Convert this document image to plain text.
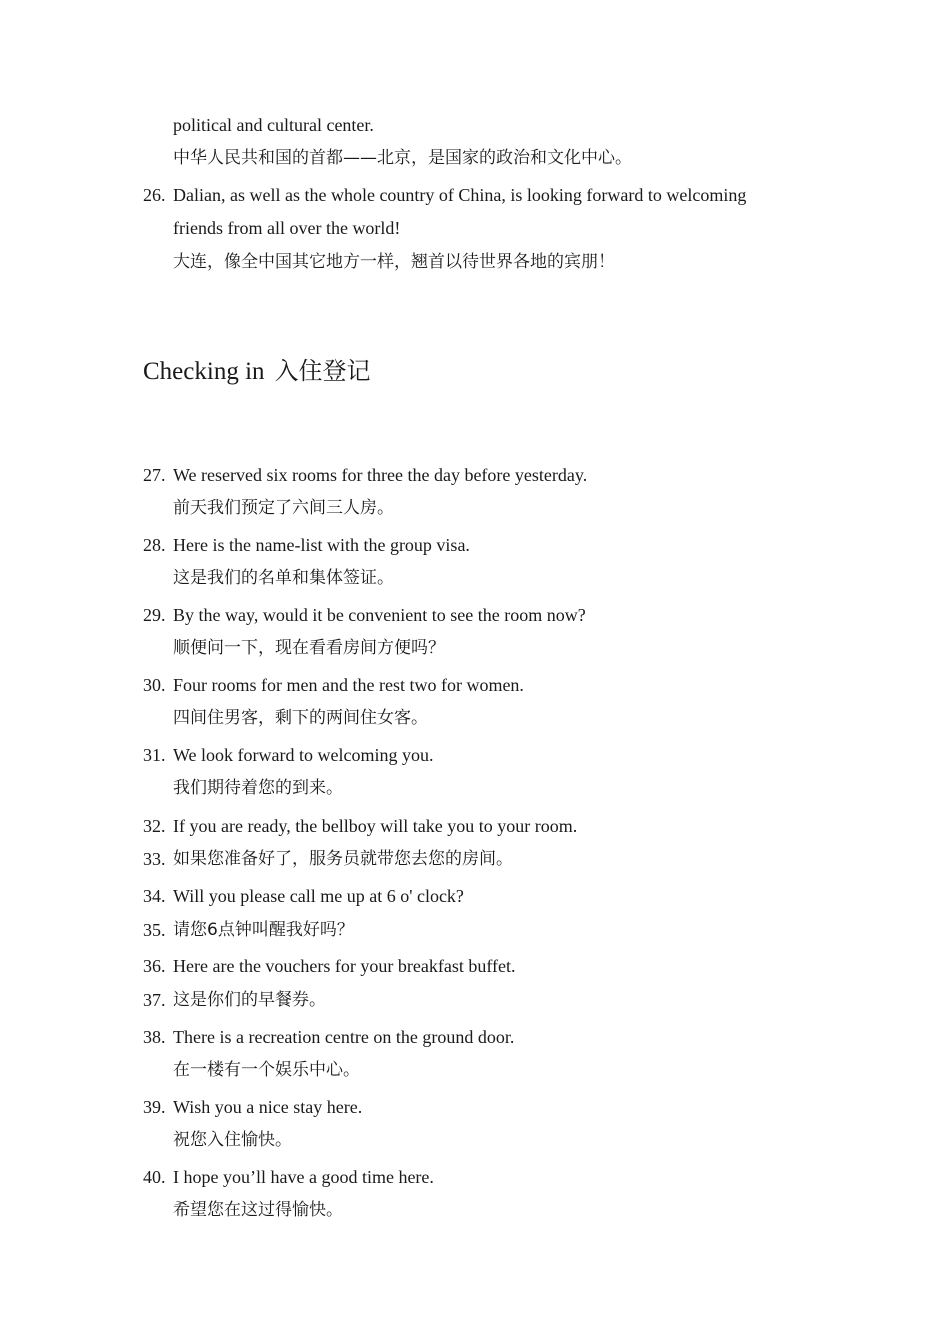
political and cultural center.
中华人民共和国的首都——北京，是国家的政治和文化中心。
26. Dalian, as well as the whole country of China, is looking forward to welcoming
friends from all over the world!
大连，像全中国其它地方一样，翘首以待世界各地的宾朋！
Checking in 入住登记
27. We reserved six rooms for three the day before yesterday.
前天我们预定了六间三人房。
28. Here is the name-list with the group visa.
这是我们的名单和集体签证。
29. By the way, would it be convenient to see the room now?
顺便问一下，现在看看房间方便吗？
30. Four rooms for men and the rest two for women.
四间住男客，剩下的两间住女客。
31. We look forward to welcoming you.
我们期待着您的到来。
32. If you are ready, the bellboy will take you to your room.
33. 如果您准备好了，服务员就带您去您的房间。
34. Will you please call me up at 6 o' clock?
35. 请您6点钟叫醒我好吗？
36. Here are the vouchers for your breakfast buffet.
37. 这是你们的早餐券。
38. There is a recreation centre on the ground door.
在一楼有一个娱乐中心。
39. Wish you a nice stay here.
祝您入住愉快。
40. I hope you’ll have a good time here.
希望您在这过得愉快。
